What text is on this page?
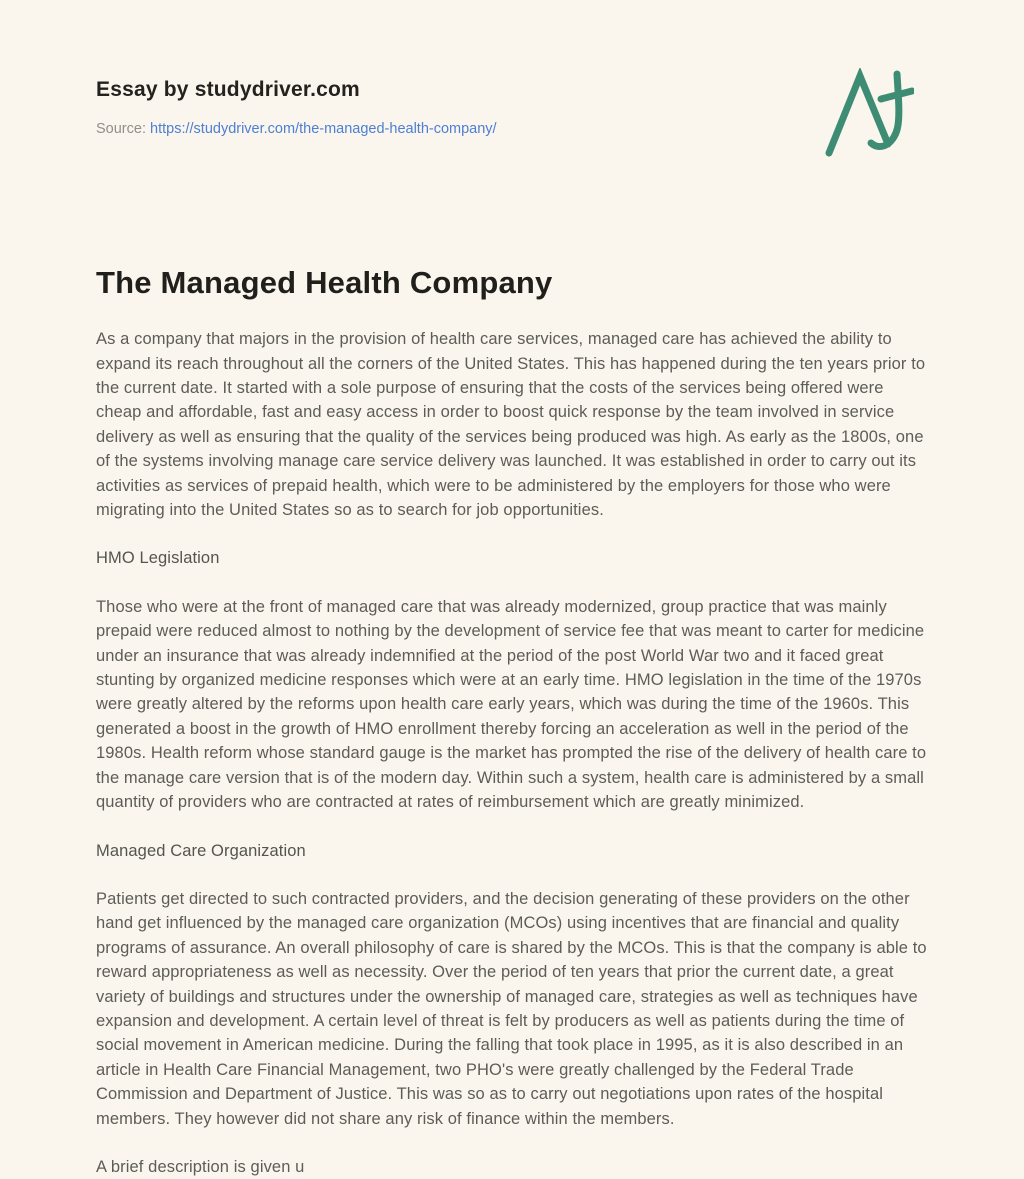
Essay by studydriver.com
Source: https://studydriver.com/the-managed-health-company/
The Managed Health Company

As a company that majors in the provision of health care services, managed care has achieved the ability to expand its reach throughout all the corners of the United States. This has happened during the ten years prior to the current date. It started with a sole purpose of ensuring that the costs of the services being offered were cheap and affordable, fast and easy access in order to boost quick response by the team involved in service delivery as well as ensuring that the quality of the services being produced was high. As early as the 1800s, one of the systems involving manage care service delivery was launched. It was established in order to carry out its activities as services of prepaid health, which were to be administered by the employers for those who were migrating into the United States so as to search for job opportunities.

HMO Legislation

Those who were at the front of managed care that was already modernized, group practice that was mainly prepaid were reduced almost to nothing by the development of service fee that was meant to carter for medicine under an insurance that was already indemnified at the period of the post World War two and it faced great stunting by organized medicine responses which were at an early time. HMO legislation in the time of the 1970s were greatly altered by the reforms upon health care early years, which was during the time of the 1960s. This generated a boost in the growth of HMO enrollment thereby forcing an acceleration as well in the period of the 1980s. Health reform whose standard gauge is the market has prompted the rise of the delivery of health care to the manage care version that is of the modern day. Within such a system, health care is administered by a small quantity of providers who are contracted at rates of reimbursement which are greatly minimized.

Managed Care Organization

Patients get directed to such contracted providers, and the decision generating of these providers on the other hand get influenced by the managed care organization (MCOs) using incentives that are financial and quality programs of assurance. An overall philosophy of care is shared by the MCOs. This is that the company is able to reward appropriateness as well as necessity. Over the period of ten years that prior the current date, a great variety of buildings and structures under the ownership of managed care, strategies as well as techniques have expansion and development. A certain level of threat is felt by producers as well as patients during the time of social movement in American medicine. During the falling that took place in 1995, as it is also described in an article in Health Care Financial Management, two PHO's were greatly challenged by the Federal Trade Commission and Department of Justice. This was so as to carry out negotiations upon rates of the hospital members. They however did not share any risk of finance within the members.

A brief description is given u
